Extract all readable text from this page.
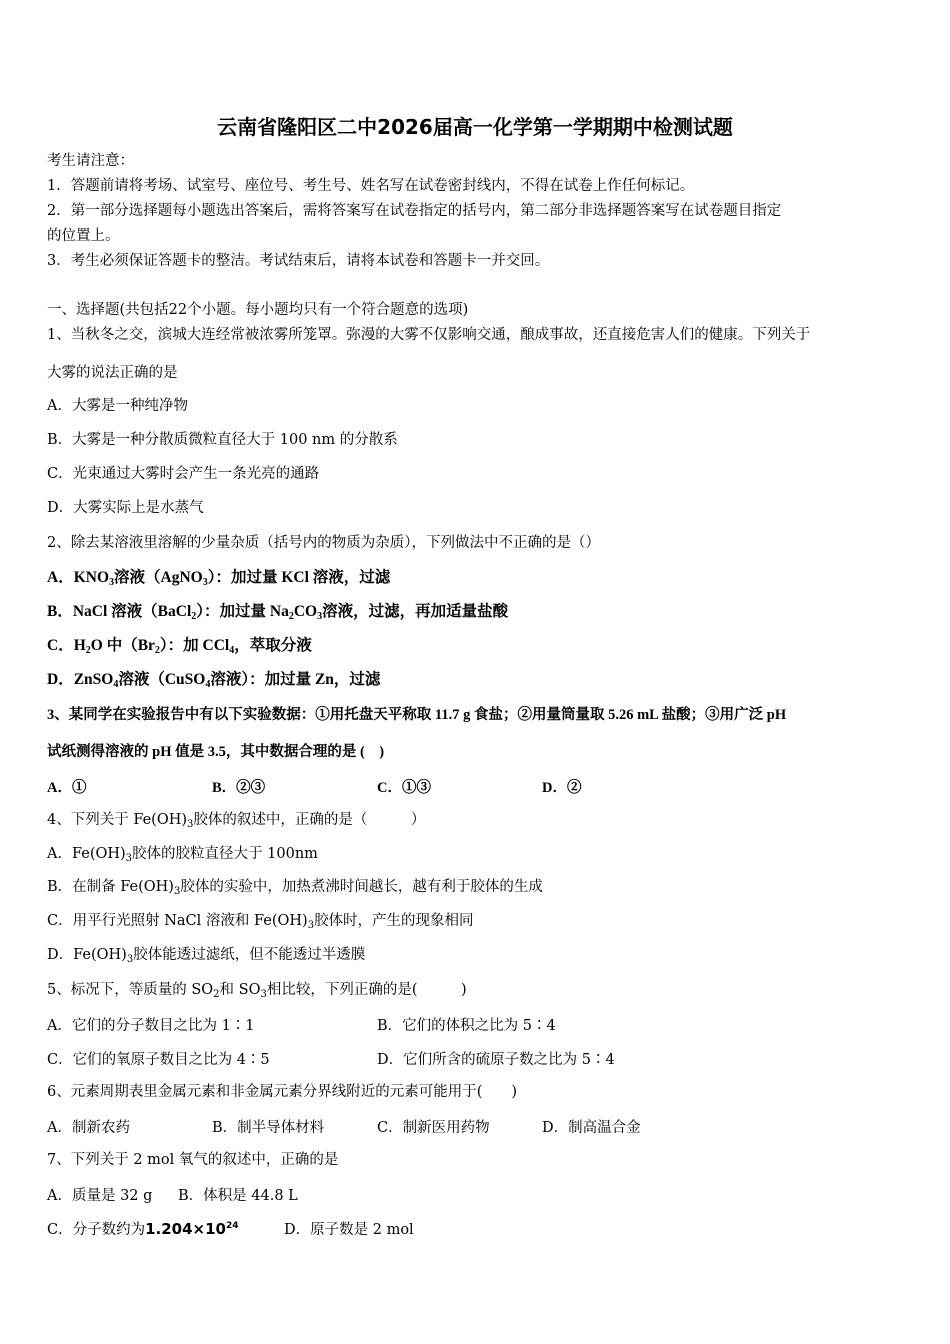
云南省隆阳区二中2026届高一化学第一学期期中检测试题
考生请注意：
1．答题前请将考场、试室号、座位号、考生号、姓名写在试卷密封线内，不得在试卷上作任何标记。
2．第一部分选择题每小题选出答案后，需将答案写在试卷指定的括号内，第二部分非选择题答案写在试卷题目指定
的位置上。
3．考生必须保证答题卡的整洁。考试结束后，请将本试卷和答题卡一并交回。
一、选择题(共包括22个小题。每小题均只有一个符合题意的选项)
1、当秋冬之交，滨城大连经常被浓雾所笼罩。弥漫的大雾不仅影响交通，酿成事故，还直接危害人们的健康。下列关于
大雾的说法正确的是
A．大雾是一种纯净物
B．大雾是一种分散质微粒直径大于 100 nm 的分散系
C．光束通过大雾时会产生一条光亮的通路
D．大雾实际上是水蒸气
2、除去某溶液里溶解的少量杂质（括号内的物质为杂质），下列做法中不正确的是（）
A．$KNO_3$溶液（AgNO$_3$）：加过量 KCl 溶液，过滤
B．NaCl 溶液（BaCl$_2$）：加过量 $Na_2CO_3$溶液，过滤，再加适量盐酸
C．$H_2O$ 中$(Br_2)$：加 CCl$_4$，萃取分液
D．ZnSO$_4$溶液（CuSO$_4$溶液）：加过量 Zn，过滤
3、某同学在实验报告中有以下实验数据：①用托盘天平称取 11.7 g 食盐；②用量筒量取 5.26 mL 盐酸；③用广泛 pH
试纸测得溶液的 pH 值是 3.5，其中数据合理的是 (　)
A．①	B．②③	C．①③	D．②
4、下列关于 $Fe(OH)_3$胶体的叙述中，正确的是（　　　）
A．$Fe(OH)_3$胶体的胶粒直径大于 100nm
B．在制备 $Fe(OH)_3$胶体的实验中，加热煮沸时间越长，越有利于胶体的生成
C．用平行光照射 NaCl 溶液和 $Fe(OH)_3$胶体时，产生的现象相同
D．$Fe(OH)_3$胶体能透过滤纸，但不能透过半透膜
5、标况下，等质量的 $SO_2$和 $SO_3$相比较，下列正确的是(　　　)
A．它们的分子数目之比为 1∶1	B．它们的体积之比为 5∶4
C．它们的氧原子数目之比为 4∶5	D．它们所含的硫原子数之比为 5∶4
6、元素周期表里金属元素和非金属元素分界线附近的元素可能用于(　　)
A．制新农药	B．制半导体材料	C．制新医用药物	D．制高温合金
7、下列关于 2 mol 氧气的叙述中，正确的是
A．质量是 32 g B．体积是 44.8 L
C．分子数约为$1.204\times 10^{24}$	D．原子数是 2 mol
